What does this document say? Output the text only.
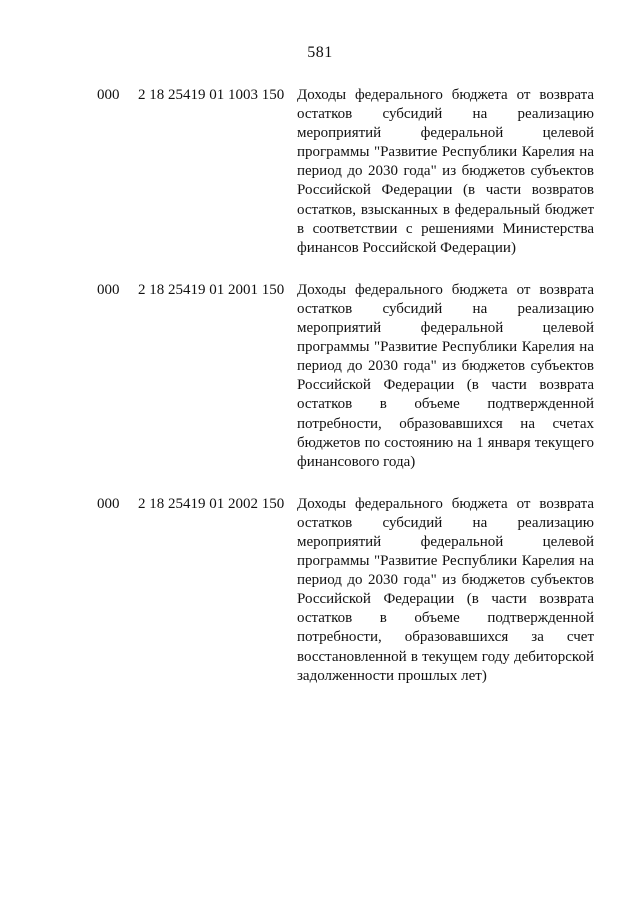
581
000 2 18 25419 01 1003 150 Доходы федерального бюджета от возврата остатков субсидий на реализацию мероприятий федеральной целевой программы "Развитие Республики Карелия на период до 2030 года" из бюджетов субъектов Российской Федерации (в части возвратов остатков, взысканных в федеральный бюджет в соответствии с решениями Министерства финансов Российской Федерации)
000 2 18 25419 01 2001 150 Доходы федерального бюджета от возврата остатков субсидий на реализацию мероприятий федеральной целевой программы "Развитие Республики Карелия на период до 2030 года" из бюджетов субъектов Российской Федерации (в части возврата остатков в объеме подтвержденной потребности, образовавшихся на счетах бюджетов по состоянию на 1 января текущего финансового года)
000 2 18 25419 01 2002 150 Доходы федерального бюджета от возврата остатков субсидий на реализацию мероприятий федеральной целевой программы "Развитие Республики Карелия на период до 2030 года" из бюджетов субъектов Российской Федерации (в части возврата остатков в объеме подтвержденной потребности, образовавшихся за счет восстановленной в текущем году дебиторской задолженности прошлых лет)
